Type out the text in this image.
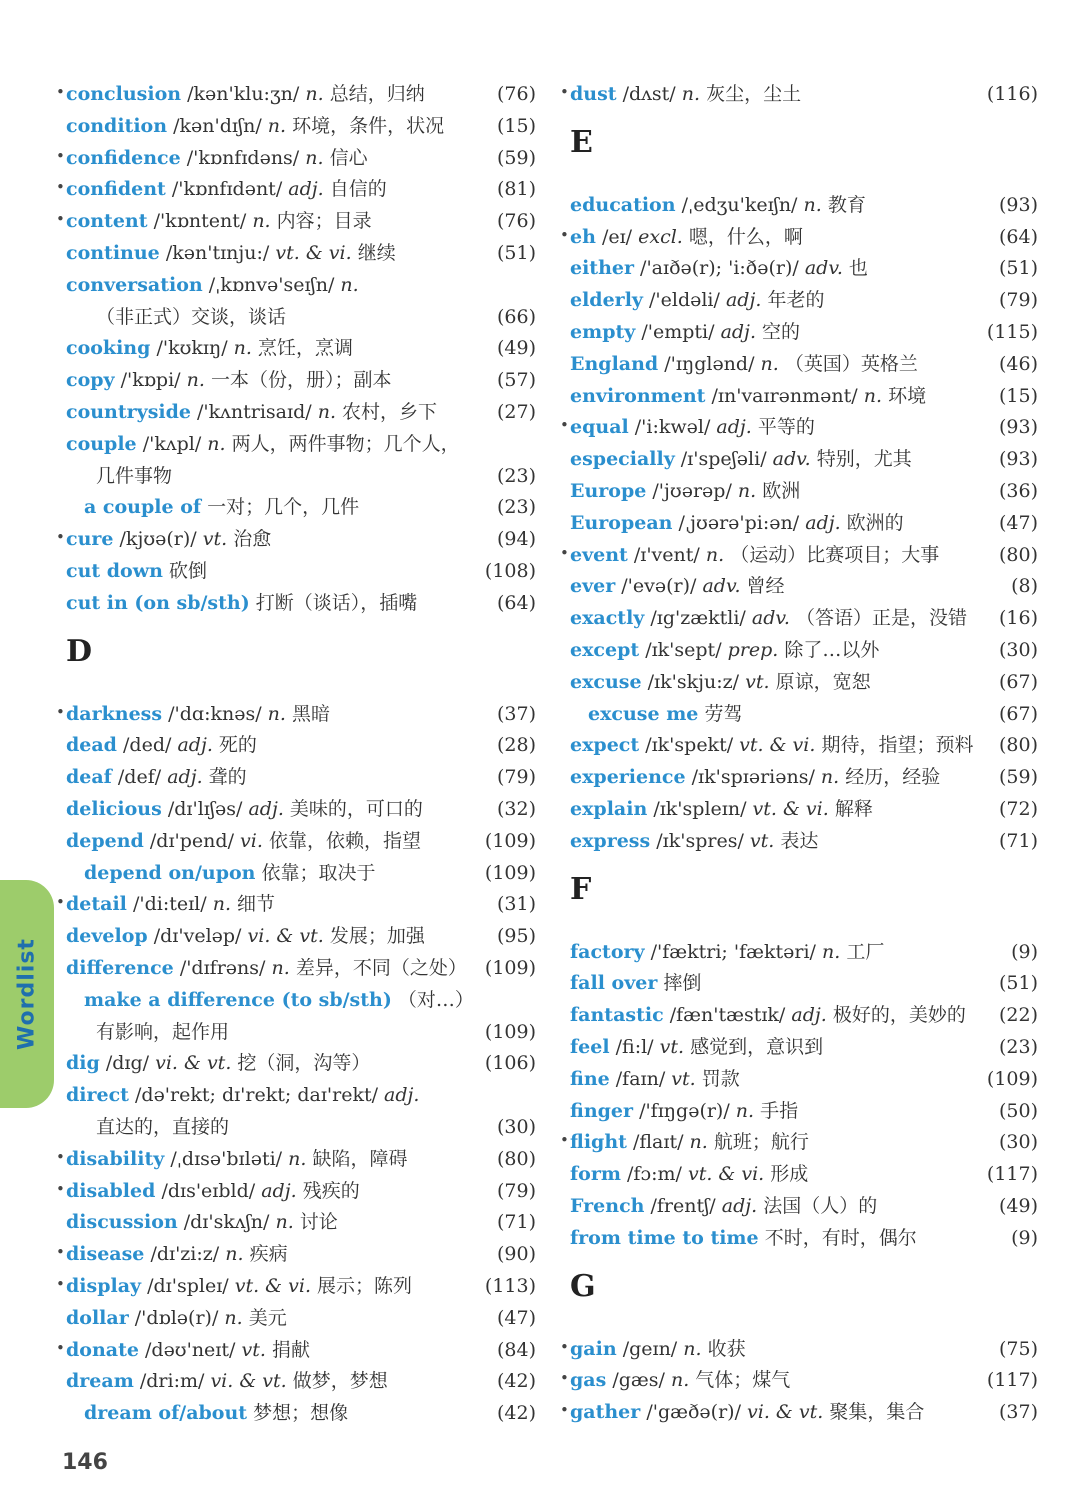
• conclusion /kən'klu:ʒn/ n. 总结，归纳	(76)
condition /kən'dɪʃn/ n. 环境，条件，状况	(15)
• confidence /'kɒnfɪdəns/ n. 信心	(59)
• confident /'kɒnfɪdənt/ adj. 自信的	(81)
• content /'kɒntent/ n. 内容；目录	(76)
continue /kən'tɪnju:/ vt. & vi. 继续	(51)
conversation /ˌkɒnvə'seɪʃn/ n.
（非正式）交谈，谈话	(66)
cooking /'kʊkɪŋ/ n. 烹饪，烹调	(49)
copy /'kɒpi/ n. 一本（份，册）；副本	(57)
countryside /'kʌntrisaɪd/ n. 农村，乡下	(27)
couple /'kʌpl/ n. 两人，两件事物；几个人，
几件事物	(23)
a couple of 一对；几个，几件	(23)
• cure /kjʊə(r)/ vt. 治愈	(94)
cut down 砍倒	(108)
cut in (on sb/sth) 打断（谈话），插嘴	(64)
D
• darkness /'dɑ:knəs/ n. 黑暗	(37)
dead /ded/ adj. 死的	(28)
deaf /def/ adj. 聋的	(79)
delicious /dɪ'lɪʃəs/ adj. 美味的，可口的	(32)
depend /dɪ'pend/ vi. 依靠，依赖，指望	(109)
depend on/upon 依靠；取决于	(109)
• detail /'di:teɪl/ n. 细节	(31)
develop /dɪ'veləp/ vi. & vt. 发展；加强	(95)
difference /'dɪfrəns/ n. 差异，不同（之处） (109)
make a difference (to sb/sth) （对…）
有影响，起作用	(109)
dig /dɪg/ vi. & vt. 挖（洞，沟等）	(106)
direct /də'rekt; dɪ'rekt; daɪ'rekt/ adj.
直达的，直接的	(30)
• disability /ˌdɪsə'bɪləti/ n. 缺陷，障碍	(80)
• disabled /dɪs'eɪbld/ adj. 残疾的	(79)
discussion /dɪ'skʌʃn/ n. 讨论	(71)
• disease /dɪ'zi:z/ n. 疾病	(90)
• display /dɪ'spleɪ/ vt. & vi. 展示；陈列	(113)
dollar /'dɒlə(r)/ n. 美元	(47)
• donate /dəʊ'neɪt/ vt. 捐献	(84)
dream /dri:m/ vi. & vt. 做梦，梦想	(42)
dream of/about 梦想；想像	(42)
• dust /dʌst/ n. 灰尘，尘土	(116)
E
education /ˌedʒu'keɪʃn/ n. 教育	(93)
• eh /eɪ/ excl. 嗯，什么，啊	(64)
either /'aɪðə(r); 'i:ðə(r)/ adv. 也	(51)
elderly /'eldəli/ adj. 年老的	(79)
empty /'empti/ adj. 空的	(115)
England /'ɪŋglənd/ n. （英国）英格兰	(46)
environment /ɪn'vaɪrənmənt/ n. 环境	(15)
• equal /'i:kwəl/ adj. 平等的	(93)
especially /ɪ'speʃəli/ adv. 特别，尤其	(93)
Europe /'jʊərəp/ n. 欧洲	(36)
European /ˌjʊərə'pi:ən/ adj. 欧洲的	(47)
• event /ɪ'vent/ n. （运动）比赛项目；大事	(80)
ever /'evə(r)/ adv. 曾经	(8)
exactly /ɪg'zæktli/ adv. （答语）正是，没错 (16)
except /ɪk'sept/ prep. 除了…以外	(30)
excuse /ɪk'skju:z/ vt. 原谅，宽恕	(67)
excuse me 劳驾	(67)
expect /ɪk'spekt/ vt. & vi. 期待，指望；预料 (80)
experience /ɪk'spɪəriəns/ n. 经历，经验	(59)
explain /ɪk'spleɪn/ vt. & vi. 解释	(72)
express /ɪk'spres/ vt. 表达	(71)
F
factory /'fæktri; 'fæktəri/ n. 工厂	(9)
fall over 摔倒	(51)
fantastic /fæn'tæstɪk/ adj. 极好的，美妙的 (22)
feel /fi:l/ vt. 感觉到，意识到	(23)
fine /faɪn/ vt. 罚款	(109)
finger /'fɪŋgə(r)/ n. 手指	(50)
• flight /flaɪt/ n. 航班；航行	(30)
form /fɔ:m/ vt. & vi. 形成	(117)
French /frentʃ/ adj. 法国（人）的	(49)
from time to time 不时，有时，偶尔	(9)
G
• gain /geɪn/ n. 收获	(75)
• gas /gæs/ n. 气体；煤气	(117)
• gather /'gæðə(r)/ vi. & vt. 聚集，集合	(37)
Wordlist
146
